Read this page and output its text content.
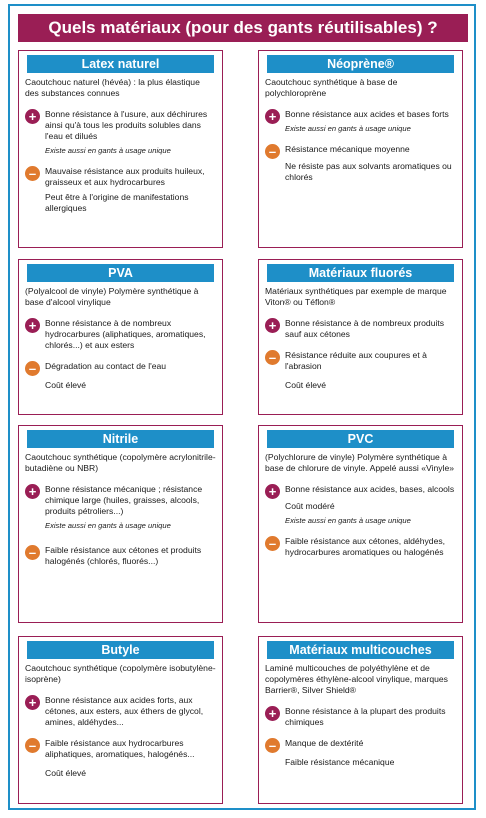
Quels matériaux (pour des gants réutilisables) ?
Latex naturel
Caoutchouc naturel (hévéa) : la plus élastique des substances connues
+	Bonne résistance à l'usure, aux déchirures ainsi qu'à tous les produits solubles dans l'eau et dilués
Existe aussi en gants à usage unique
–	Mauvaise résistance aux produits huileux, graisseux et aux hydrocarbures
Peut être à l'origine de manifestations allergiques
Néoprène®
Caoutchouc synthétique à base de polychloroprène
+	Bonne résistance aux acides et bases forts
Existe aussi en gants à usage unique
–	Résistance mécanique moyenne
Ne résiste pas aux solvants aromatiques ou chlorés
PVA
(Polyalcool de vinyle) Polymère synthétique à base d'alcool vinylique
+	Bonne résistance à de nombreux hydrocarbures (aliphatiques, aromatiques, chlorés...) et aux esters
–	Dégradation au contact de l'eau
Coût élevé
Matériaux fluorés
Matériaux synthétiques par exemple de marque Viton® ou Téflon®
+	Bonne résistance à de nombreux produits sauf aux cétones
–	Résistance réduite aux coupures et à l'abrasion
Coût élevé
Nitrile
Caoutchouc synthétique (copolymère acrylonitrile-butadiène ou NBR)
+	Bonne résistance mécanique ; résistance chimique large (huiles, graisses, alcools, produits pétroliers...)
Existe aussi en gants à usage unique
–	Faible résistance aux cétones et produits halogénés (chlorés, fluorés...)
PVC
(Polychlorure de vinyle) Polymère synthétique à base de chlorure de vinyle. Appelé aussi «Vinyle»
+	Bonne résistance aux acides, bases, alcools
Coût modéré
Existe aussi en gants à usage unique
–	Faible résistance aux cétones, aldéhydes, hydrocarbures aromatiques ou halogénés
Butyle
Caoutchouc synthétique (copolymère isobutylène-isoprène)
+	Bonne résistance aux acides forts, aux cétones, aux esters, aux éthers de glycol, amines, aldéhydes...
–	Faible résistance aux hydrocarbures aliphatiques, aromatiques, halogénés...
Coût élevé
Matériaux multicouches
Laminé multicouches de polyéthylène et de copolymères éthylène-alcool vinylique, marques Barrier®, Silver Shield®
+	Bonne résistance à la plupart des produits chimiques
–	Manque de dextérité
Faible résistance mécanique
